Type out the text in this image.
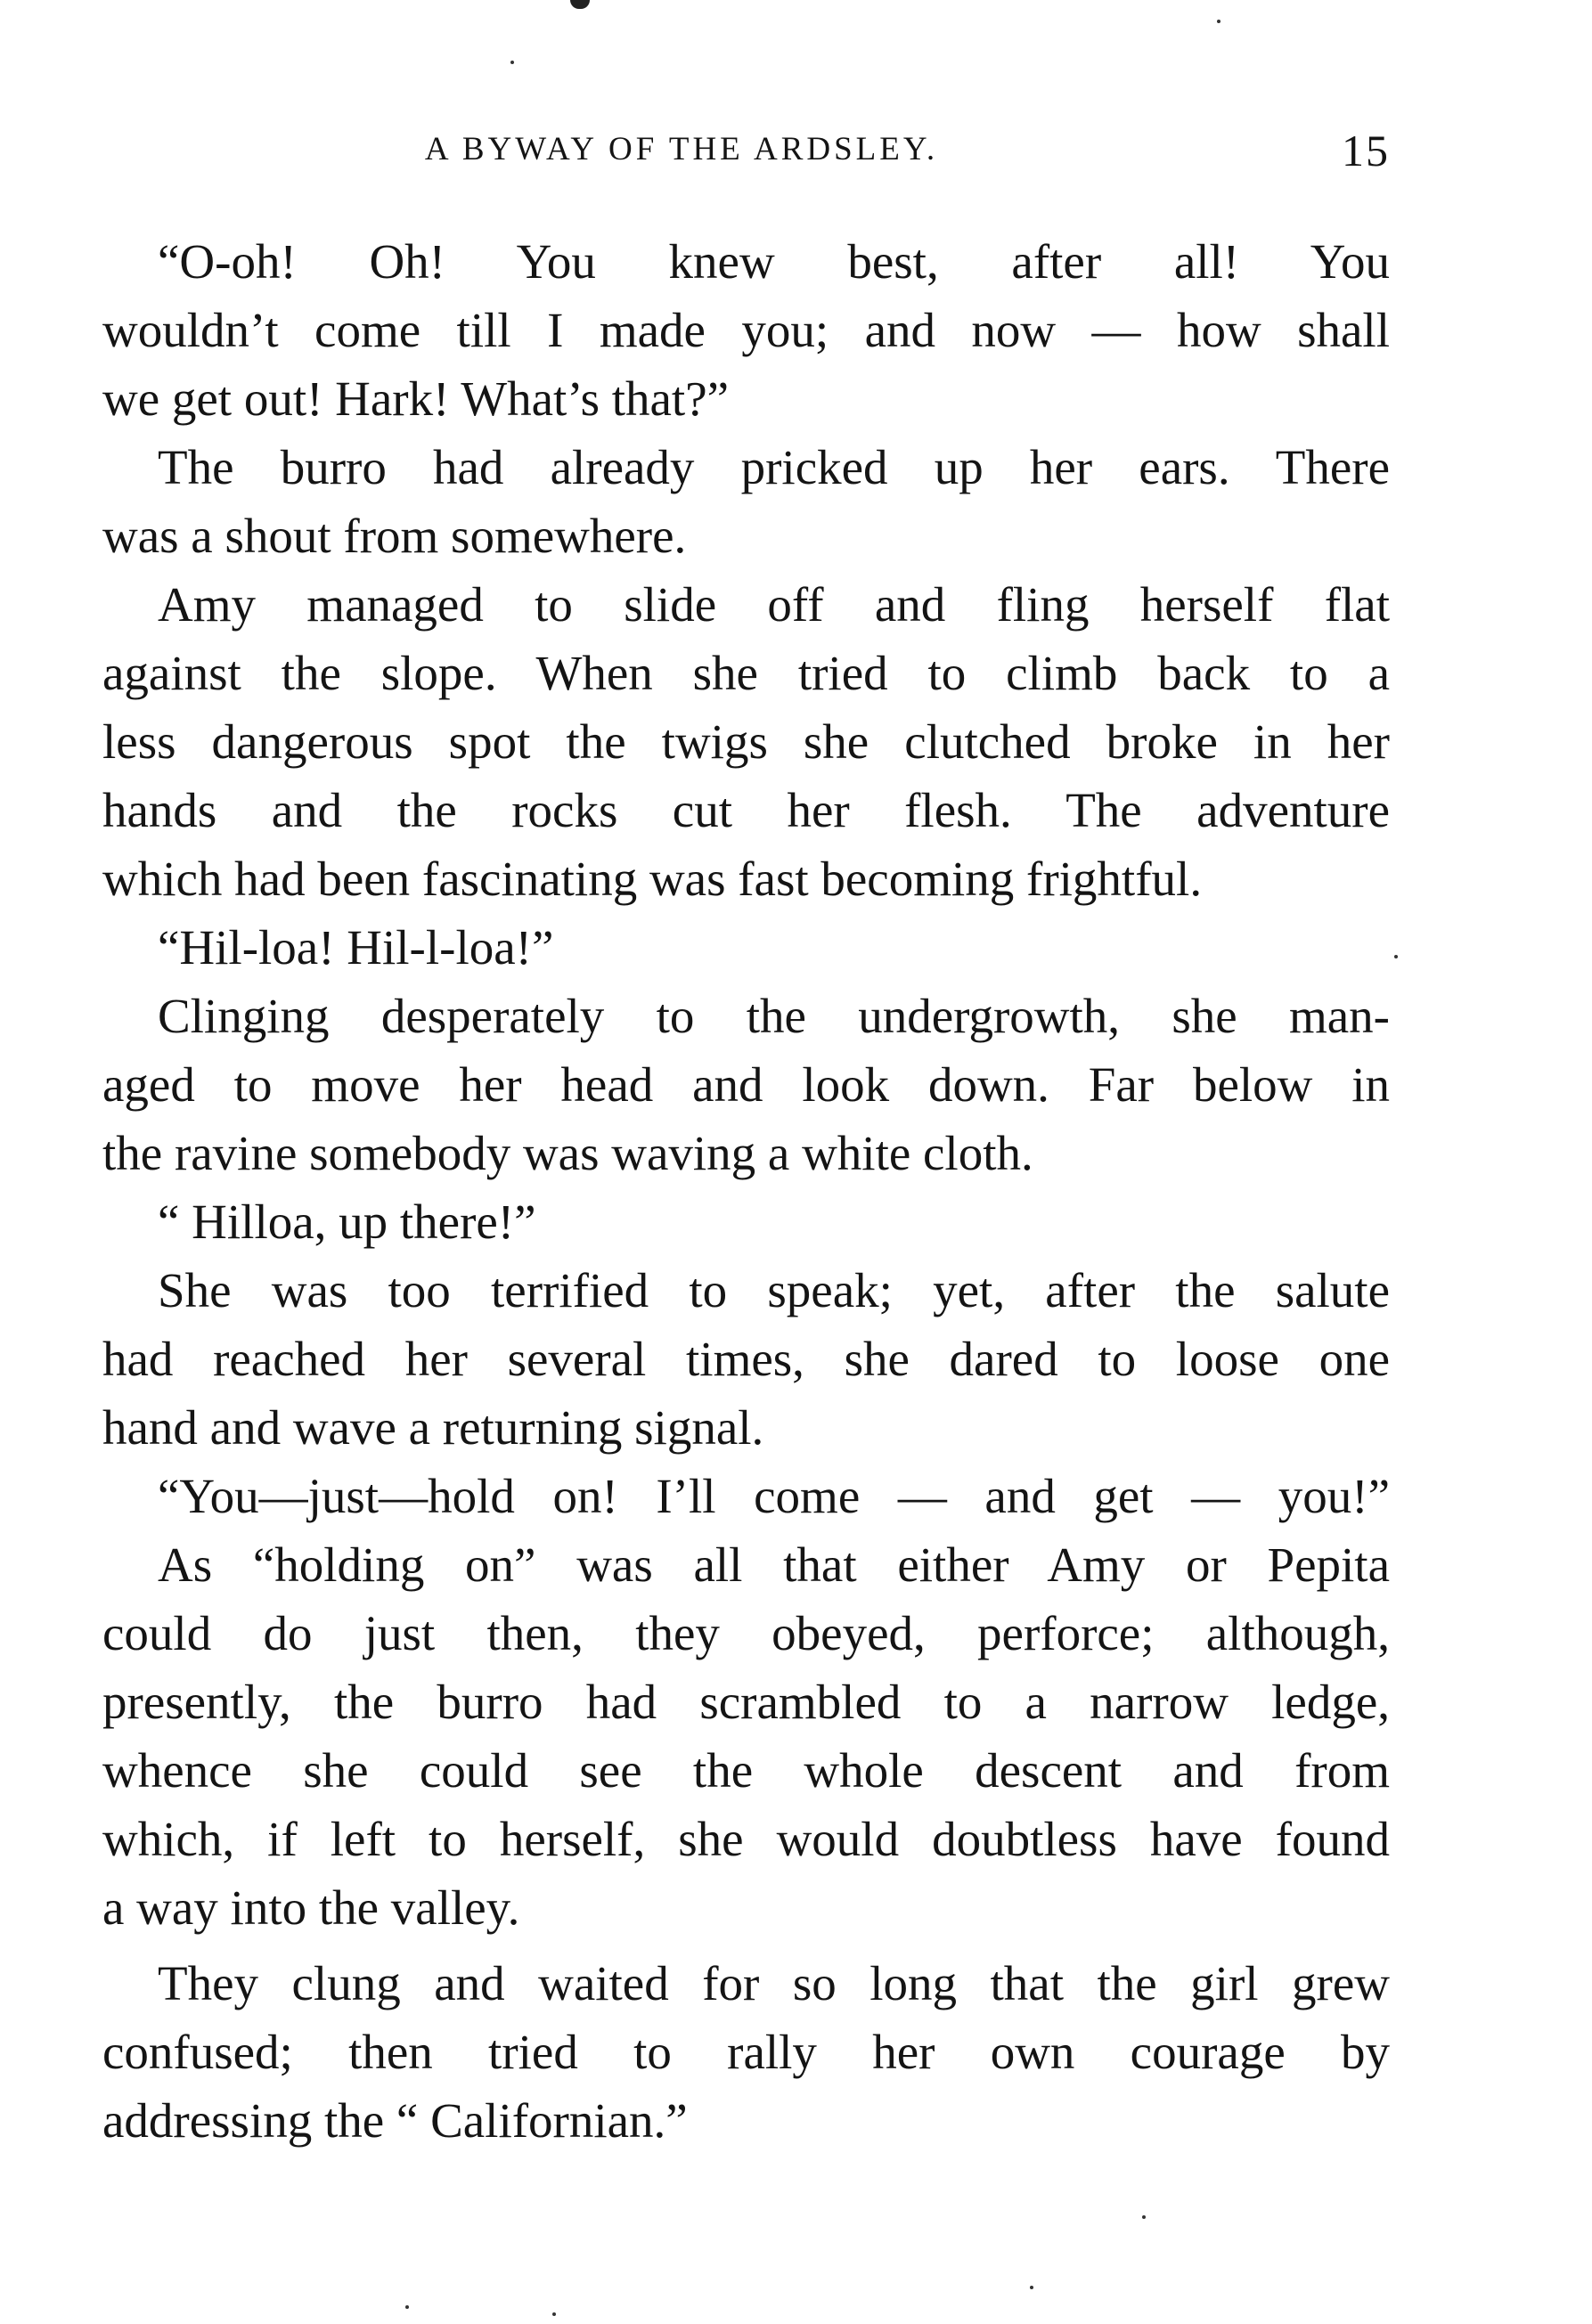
A BYWAY OF THE ARDSLEY.	15
“O-oh! Oh! You knew best, after all! You
wouldn’t come till I made you; and now — how shall
we get out! Hark! What’s that?”
The burro had already pricked up her ears. There
was a shout from somewhere.
Amy managed to slide off and fling herself flat
against the slope. When she tried to climb back to a
less dangerous spot the twigs she clutched broke in her
hands and the rocks cut her flesh. The adventure
which had been fascinating was fast becoming frightful.
“Hil-loa! Hil-l-loa!”
Clinging desperately to the undergrowth, she man-
aged to move her head and look down. Far below in
the ravine somebody was waving a white cloth.
“ Hilloa, up there!”
She was too terrified to speak; yet, after the salute
had reached her several times, she dared to loose one
hand and wave a returning signal.
“You—just—hold on! I’ll come — and get — you!”
As “holding on” was all that either Amy or Pepita
could do just then, they obeyed, perforce; although,
presently, the burro had scrambled to a narrow ledge,
whence she could see the whole descent and from
which, if left to herself, she would doubtless have found
a way into the valley.
They clung and waited for so long that the girl grew
confused; then tried to rally her own courage by
addressing the “ Californian.”
